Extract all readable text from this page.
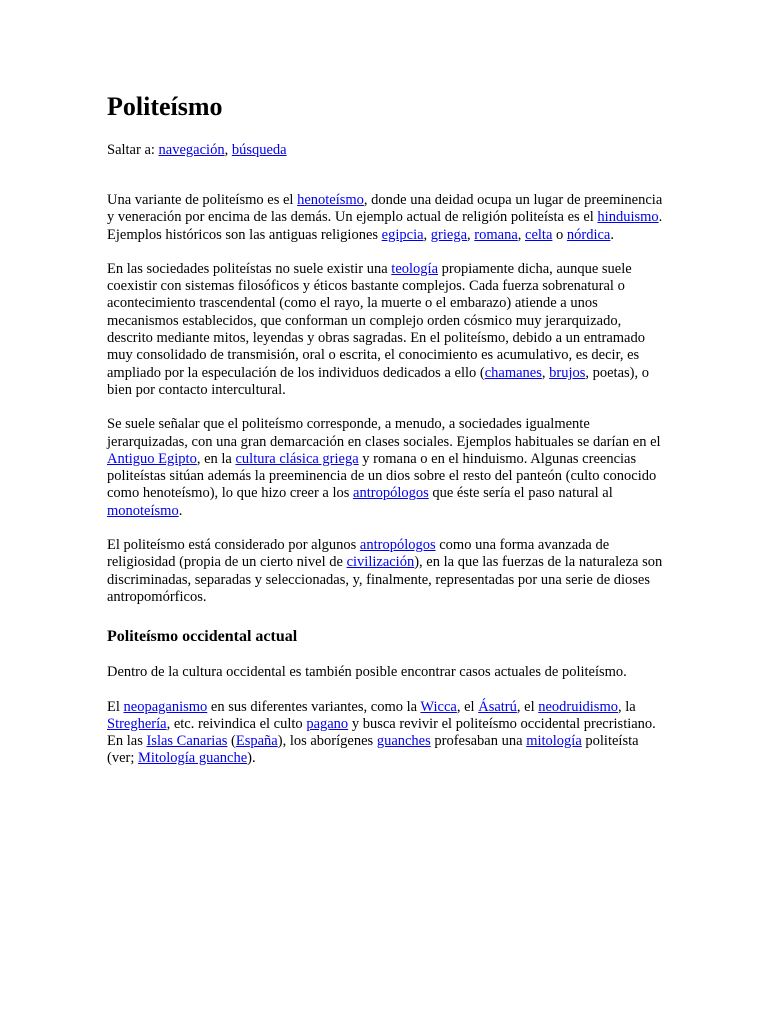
Politeísmo
Saltar a: navegación, búsqueda

Una variante de politeísmo es el henoteísmo, donde una deidad ocupa un lugar de preeminencia y veneración por encima de las demás. Un ejemplo actual de religión politeísta es el hinduismo. Ejemplos históricos son las antiguas religiones egipcia, griega, romana, celta o nórdica.

En las sociedades politeístas no suele existir una teología propiamente dicha, aunque suele coexistir con sistemas filosóficos y éticos bastante complejos. Cada fuerza sobrenatural o acontecimiento trascendental (como el rayo, la muerte o el embarazo) atiende a unos mecanismos establecidos, que conforman un complejo orden cósmico muy jerarquizado, descrito mediante mitos, leyendas y obras sagradas. En el politeísmo, debido a un entramado muy consolidado de transmisión, oral o escrita, el conocimiento es acumulativo, es decir, es ampliado por la especulación de los individuos dedicados a ello (chamanes, brujos, poetas), o bien por contacto intercultural.

Se suele señalar que el politeísmo corresponde, a menudo, a sociedades igualmente jerarquizadas, con una gran demarcación en clases sociales. Ejemplos habituales se darían en el Antiguo Egipto, en la cultura clásica griega y romana o en el hinduismo. Algunas creencias politeístas sitúan además la preeminencia de un dios sobre el resto del panteón (culto conocido como henoteísmo), lo que hizo creer a los antropólogos que éste sería el paso natural al monoteísmo.

El politeísmo está considerado por algunos antropólogos como una forma avanzada de religiosidad (propia de un cierto nivel de civilización), en la que las fuerzas de la naturaleza son discriminadas, separadas y seleccionadas, y, finalmente, representadas por una serie de dioses antropomórficos.

Politeísmo occidental actual

Dentro de la cultura occidental es también posible encontrar casos actuales de politeísmo.

El neopaganismo en sus diferentes variantes, como la Wicca, el Ásatrú, el neodruidismo, la Streghería, etc. reivindica el culto pagano y busca revivir el politeísmo occidental precristiano. En las Islas Canarias (España), los aborígenes guanches profesaban una mitología politeísta (ver; Mitología guanche).
